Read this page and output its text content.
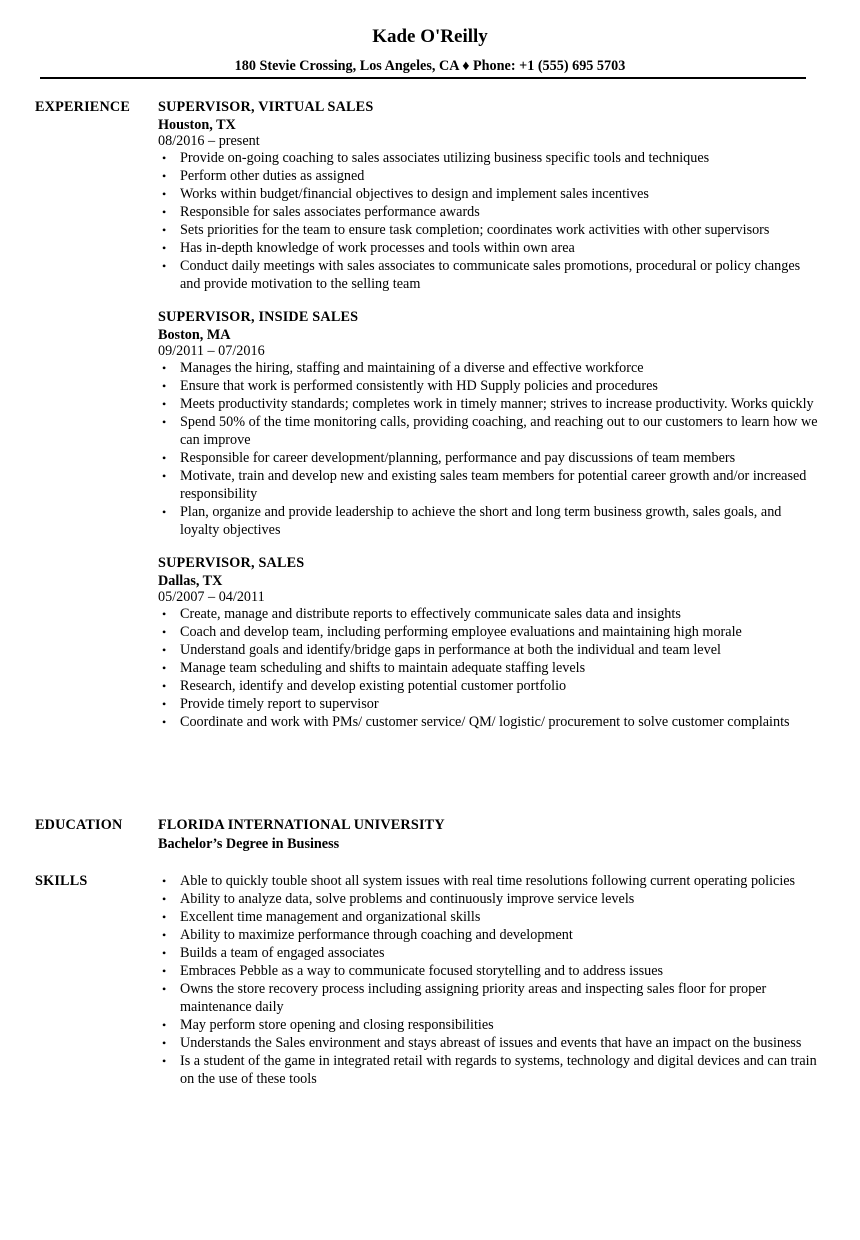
Kade O'Reilly
180 Stevie Crossing, Los Angeles, CA ♦ Phone: +1 (555) 695 5703
EXPERIENCE SUPERVISOR, VIRTUAL SALES
Houston, TX
08/2016 – present
• Provide on-going coaching to sales associates utilizing business specific tools and techniques
• Perform other duties as assigned
• Works within budget/financial objectives to design and implement sales incentives
• Responsible for sales associates performance awards
• Sets priorities for the team to ensure task completion; coordinates work activities with other supervisors
• Has in-depth knowledge of work processes and tools within own area
• Conduct daily meetings with sales associates to communicate sales promotions, procedural or policy changes and provide motivation to the selling team
SUPERVISOR, INSIDE SALES
Boston, MA
09/2011 – 07/2016
• Manages the hiring, staffing and maintaining of a diverse and effective workforce
• Ensure that work is performed consistently with HD Supply policies and procedures
• Meets productivity standards; completes work in timely manner; strives to increase productivity. Works quickly
• Spend 50% of the time monitoring calls, providing coaching, and reaching out to our customers to learn how we can improve
• Responsible for career development/planning, performance and pay discussions of team members
• Motivate, train and develop new and existing sales team members for potential career growth and/or increased responsibility
• Plan, organize and provide leadership to achieve the short and long term business growth, sales goals, and loyalty objectives
SUPERVISOR, SALES
Dallas, TX
05/2007 – 04/2011
• Create, manage and distribute reports to effectively communicate sales data and insights
• Coach and develop team, including performing employee evaluations and maintaining high morale
• Understand goals and identify/bridge gaps in performance at both the individual and team level
• Manage team scheduling and shifts to maintain adequate staffing levels
• Research, identify and develop existing potential customer portfolio
• Provide timely report to supervisor
• Coordinate and work with PMs/ customer service/ QM/ logistic/ procurement to solve customer complaints
EDUCATION	FLORIDA INTERNATIONAL UNIVERSITY
Bachelor’s Degree in Business
SKILLS	• Able to quickly touble shoot all system issues with real time resolutions following current operating policies
• Ability to analyze data, solve problems and continuously improve service levels
• Excellent time management and organizational skills
• Ability to maximize performance through coaching and development
• Builds a team of engaged associates
• Embraces Pebble as a way to communicate focused storytelling and to address issues
• Owns the store recovery process including assigning priority areas and inspecting sales floor for proper maintenance daily
• May perform store opening and closing responsibilities
• Understands the Sales environment and stays abreast of issues and events that have an impact on the business
• Is a student of the game in integrated retail with regards to systems, technology and digital devices and can train on the use of these tools
